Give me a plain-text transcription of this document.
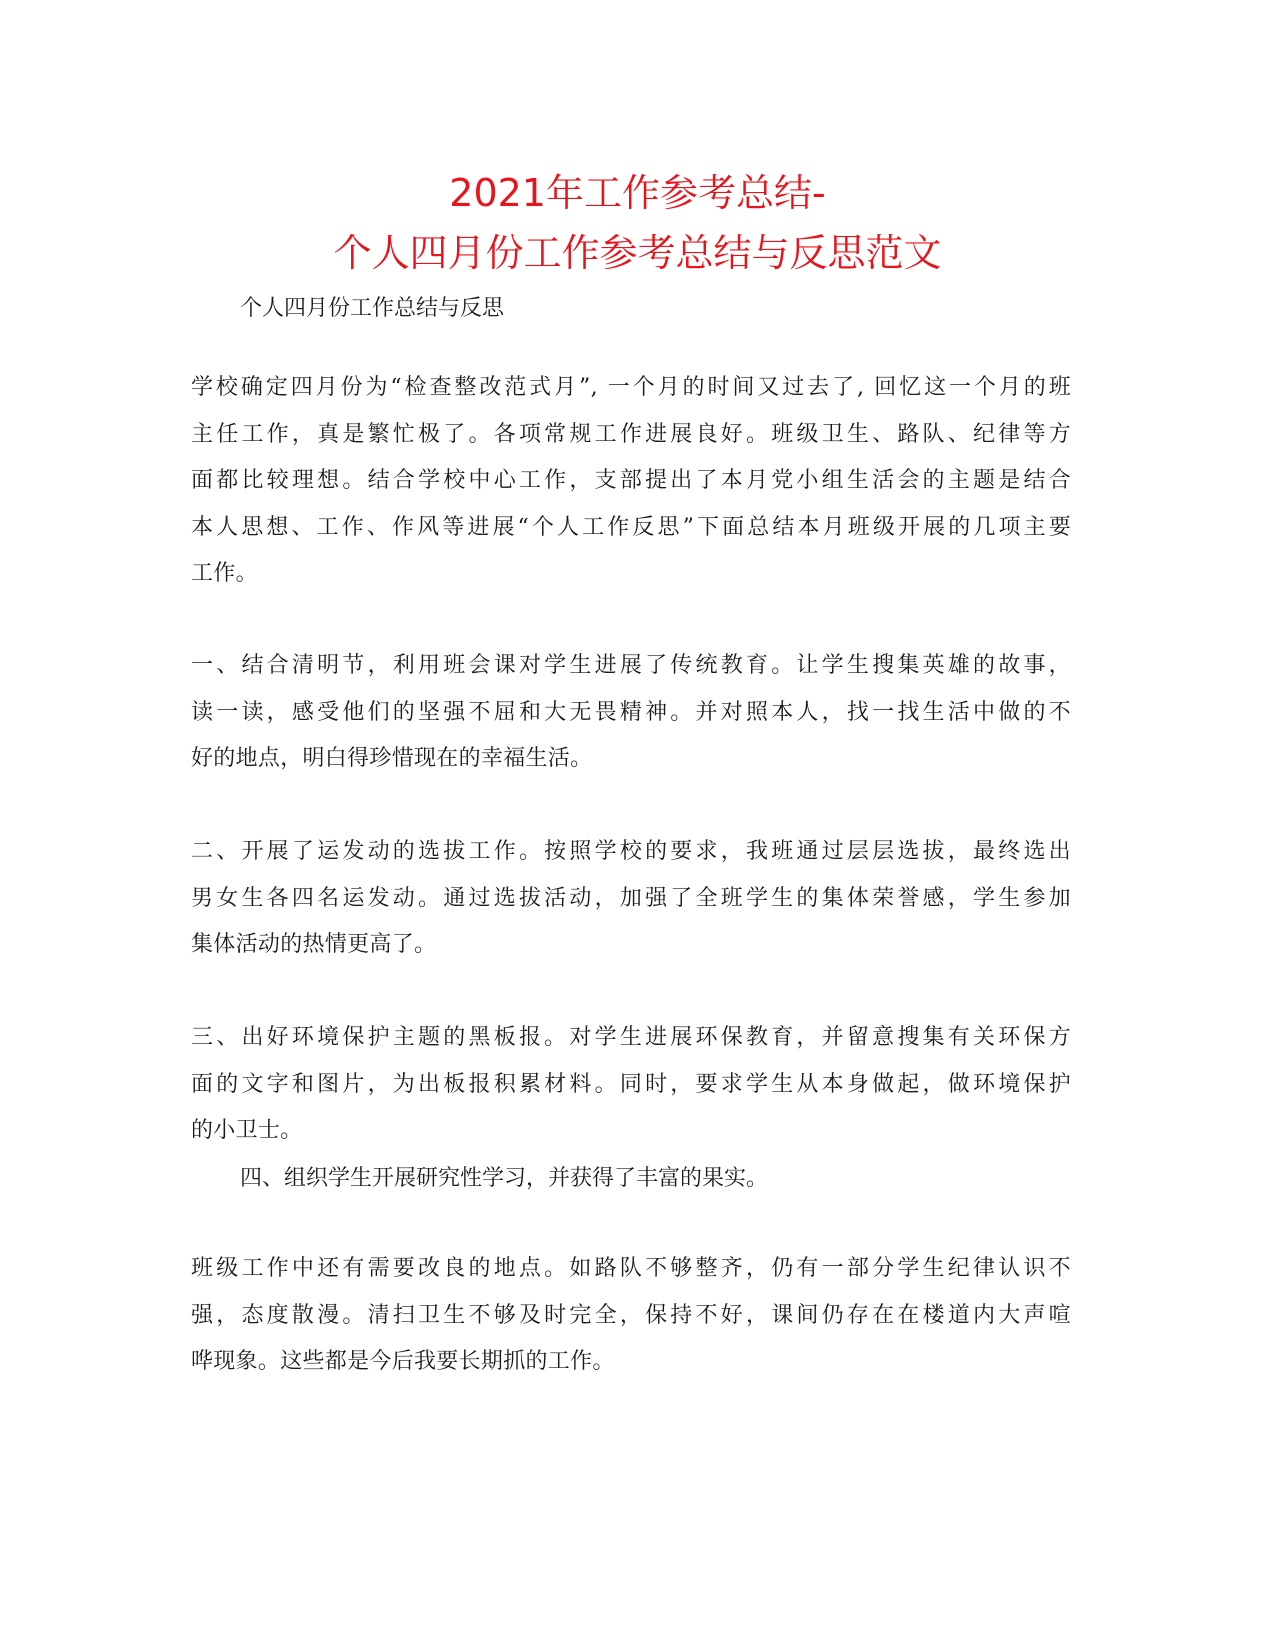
2021年工作参考总结-
个人四月份工作参考总结与反思范文
个人四月份工作总结与反思

学校确定四月份为“检查整改范式月”, 一个月的时间又过去了, 回忆这一个月的班
主任工作，真是繁忙极了。各项常规工作进展良好。班级卫生、路队、纪律等方
面都比较理想。结合学校中心工作，支部提出了本月党小组生活会的主题是结合
本人思想、工作、作风等进展“个人工作反思”下面总结本月班级开展的几项主要
工作。

一、结合清明节，利用班会课对学生进展了传统教育。让学生搜集英雄的故事，
读一读，感受他们的坚强不屈和大无畏精神。并对照本人，找一找生活中做的不
好的地点，明白得珍惜现在的幸福生活。

二、开展了运发动的选拔工作。按照学校的要求，我班通过层层选拔，最终选出
男女生各四名运发动。通过选拔活动，加强了全班学生的集体荣誉感，学生参加
集体活动的热情更高了。

三、出好环境保护主题的黑板报。对学生进展环保教育，并留意搜集有关环保方
面的文字和图片，为出板报积累材料。同时，要求学生从本身做起，做环境保护
的小卫士。

四、组织学生开展研究性学习，并获得了丰富的果实。

班级工作中还有需要改良的地点。如路队不够整齐，仍有一部分学生纪律认识不
强，态度散漫。清扫卫生不够及时完全，保持不好，课间仍存在在楼道内大声喧
哗现象。这些都是今后我要长期抓的工作。
